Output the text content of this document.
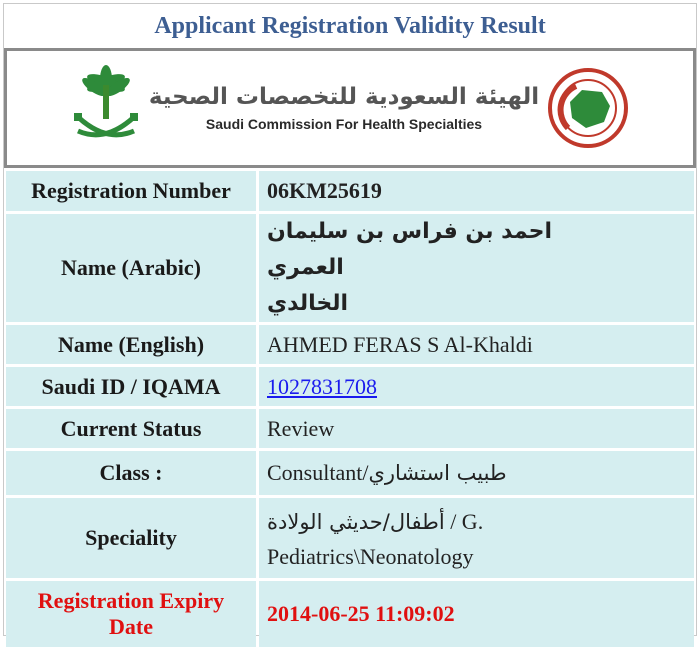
Applicant Registration Validity Result
الهيئة السعودية للتخصصات الصحية
Saudi Commission For Health Specialties
Registration Number	06KM25619
Name (Arabic)	احمد بن فراس بن سليمان العمري
الخالدي

Name (English)	AHMED FERAS S Al-Khaldi
Saudi ID / IQAMA	1027831708
Current Status	Review
Class :	Consultant/طبيب استشاري
Speciality	أطفال/حديثي الولادة / G.
Pediatrics\Neonatology

Registration Expiry
Date	2014-06-25 11:09:02
